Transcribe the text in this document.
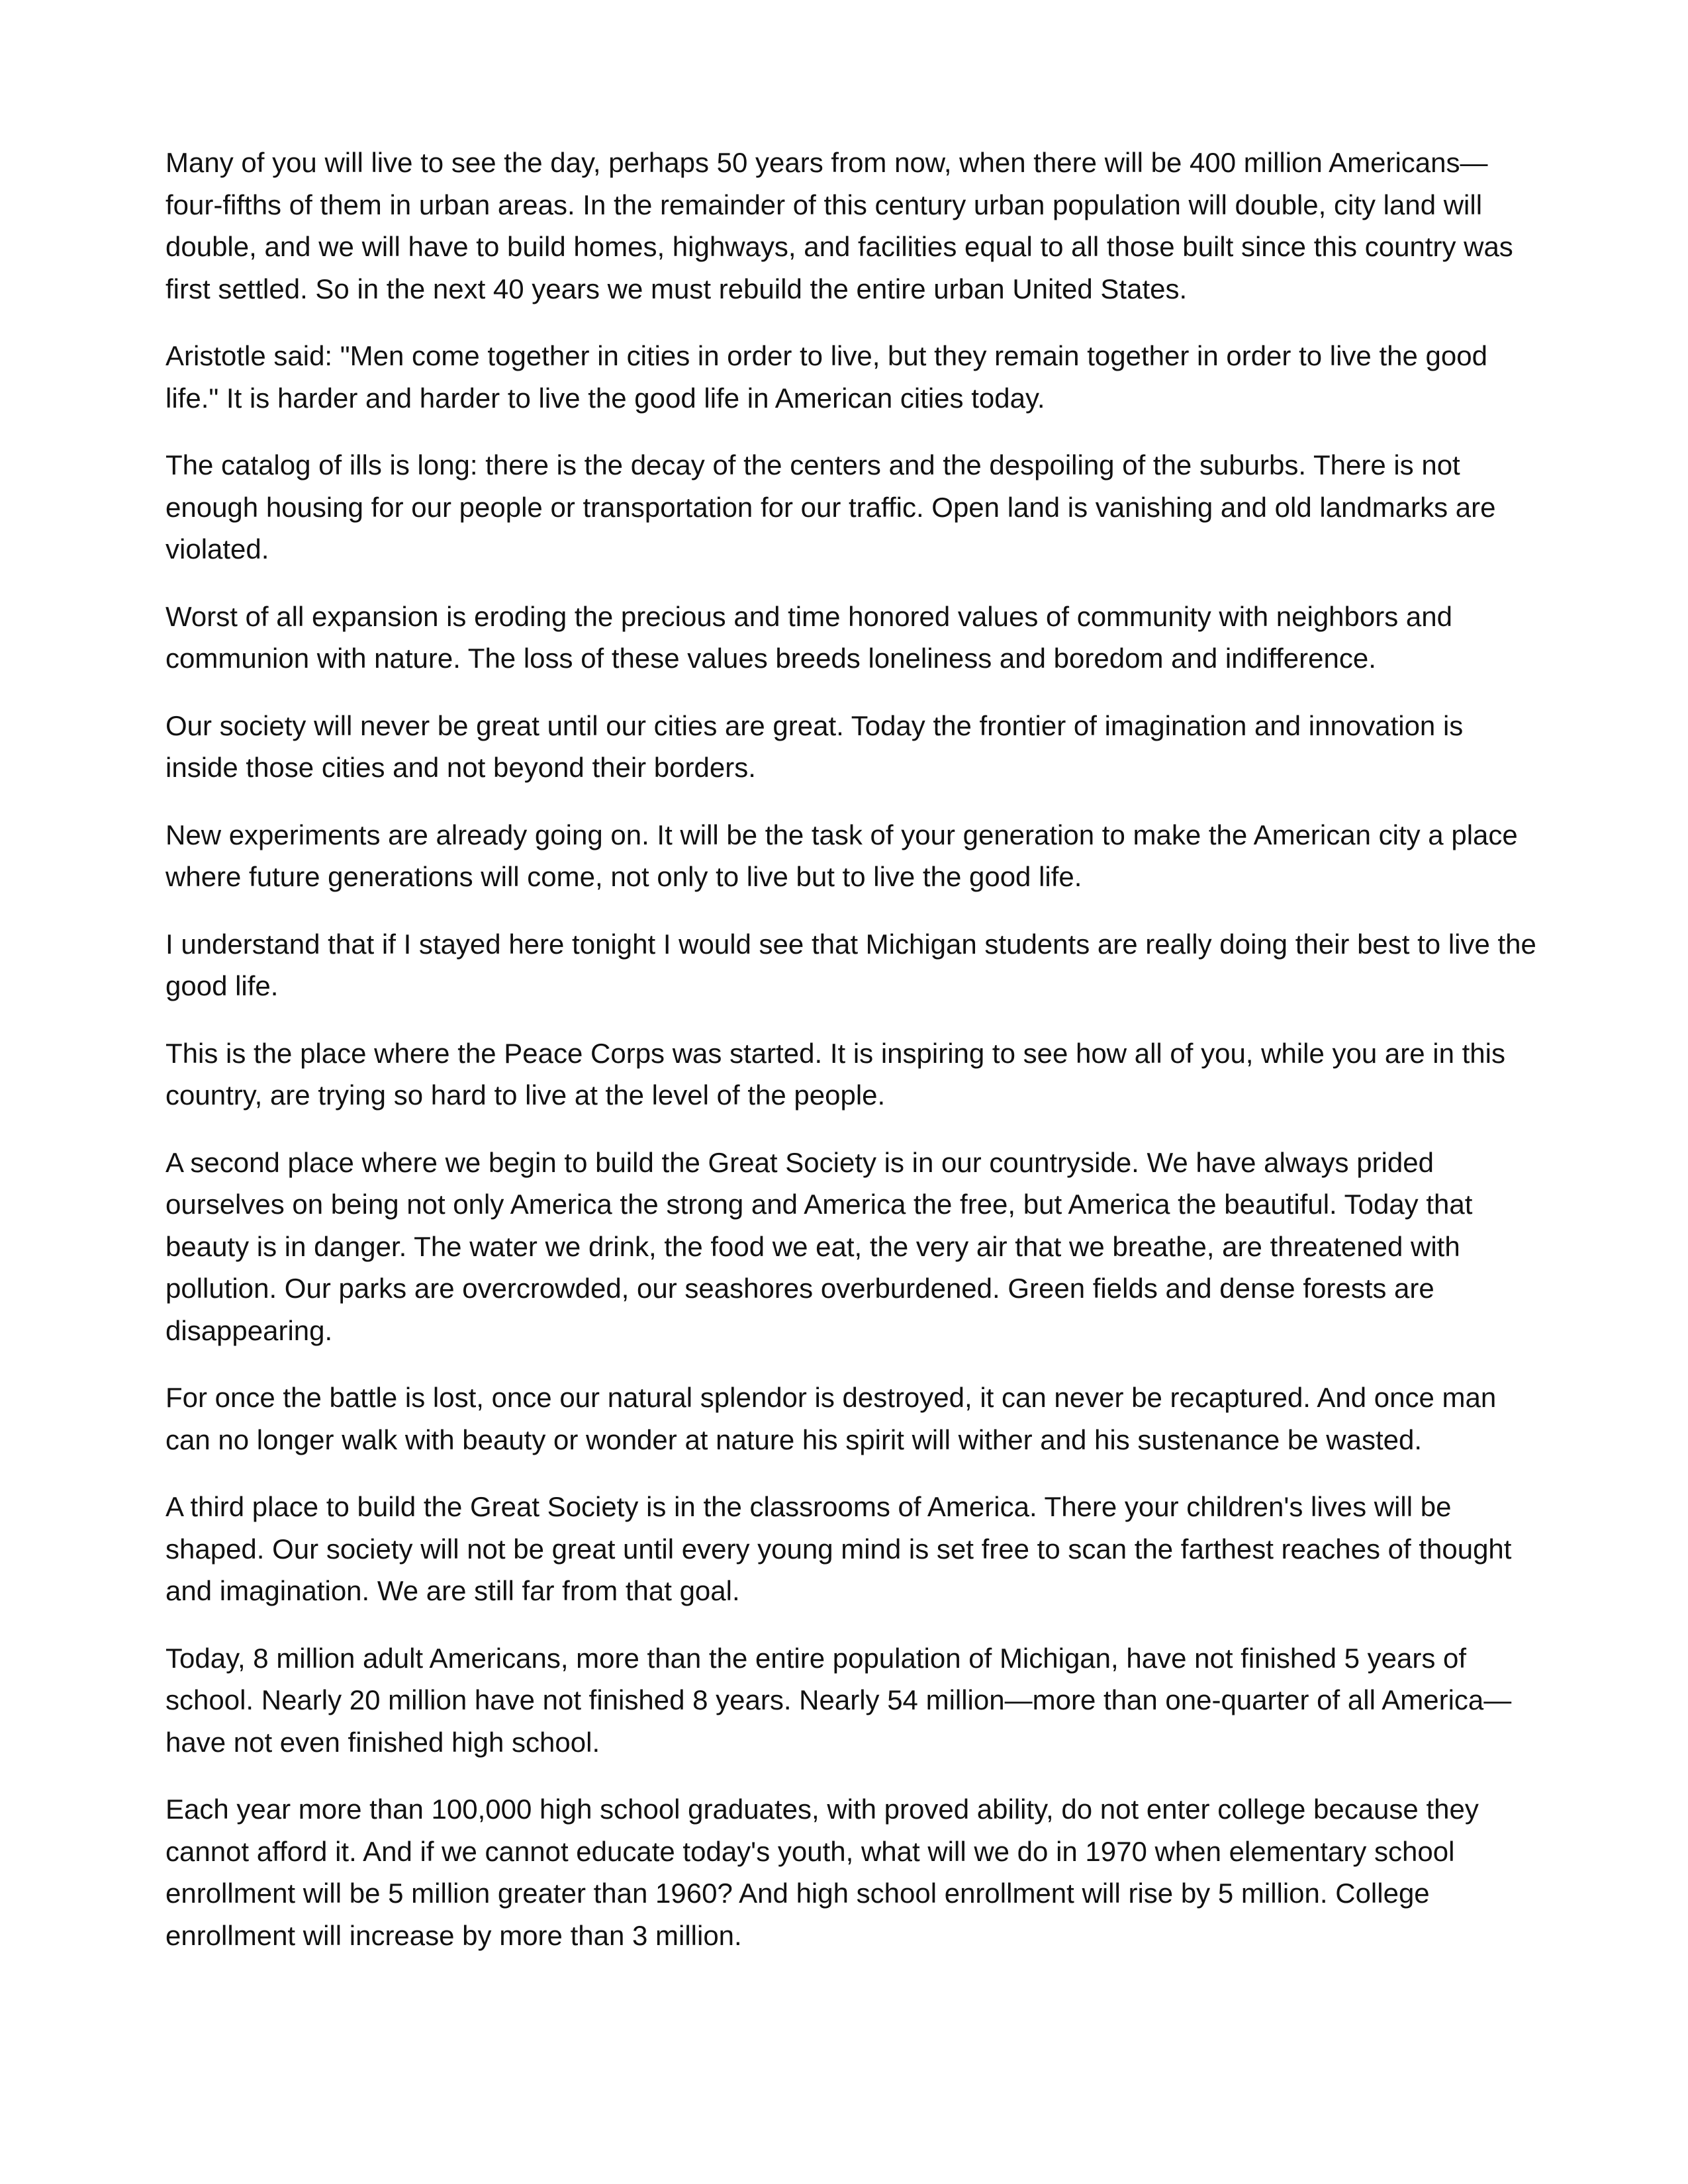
Many of you will live to see the day, perhaps 50 years from now, when there will be 400 million Americans—four-fifths of them in urban areas. In the remainder of this century urban population will double, city land will double, and we will have to build homes, highways, and facilities equal to all those built since this country was first settled. So in the next 40 years we must rebuild the entire urban United States.

Aristotle said: "Men come together in cities in order to live, but they remain together in order to live the good life." It is harder and harder to live the good life in American cities today.

The catalog of ills is long: there is the decay of the centers and the despoiling of the suburbs. There is not enough housing for our people or transportation for our traffic. Open land is vanishing and old landmarks are violated.

Worst of all expansion is eroding the precious and time honored values of community with neighbors and communion with nature. The loss of these values breeds loneliness and boredom and indifference.

Our society will never be great until our cities are great. Today the frontier of imagination and innovation is inside those cities and not beyond their borders.

New experiments are already going on. It will be the task of your generation to make the American city a place where future generations will come, not only to live but to live the good life.

I understand that if I stayed here tonight I would see that Michigan students are really doing their best to live the good life.

This is the place where the Peace Corps was started. It is inspiring to see how all of you, while you are in this country, are trying so hard to live at the level of the people.

A second place where we begin to build the Great Society is in our countryside. We have always prided ourselves on being not only America the strong and America the free, but America the beautiful. Today that beauty is in danger. The water we drink, the food we eat, the very air that we breathe, are threatened with pollution. Our parks are overcrowded, our seashores overburdened. Green fields and dense forests are disappearing.

For once the battle is lost, once our natural splendor is destroyed, it can never be recaptured. And once man can no longer walk with beauty or wonder at nature his spirit will wither and his sustenance be wasted.

A third place to build the Great Society is in the classrooms of America. There your children's lives will be shaped. Our society will not be great until every young mind is set free to scan the farthest reaches of thought and imagination. We are still far from that goal.

Today, 8 million adult Americans, more than the entire population of Michigan, have not finished 5 years of school. Nearly 20 million have not finished 8 years. Nearly 54 million—more than one-quarter of all America—have not even finished high school.

Each year more than 100,000 high school graduates, with proved ability, do not enter college because they cannot afford it. And if we cannot educate today's youth, what will we do in 1970 when elementary school enrollment will be 5 million greater than 1960? And high school enrollment will rise by 5 million. College enrollment will increase by more than 3 million.
